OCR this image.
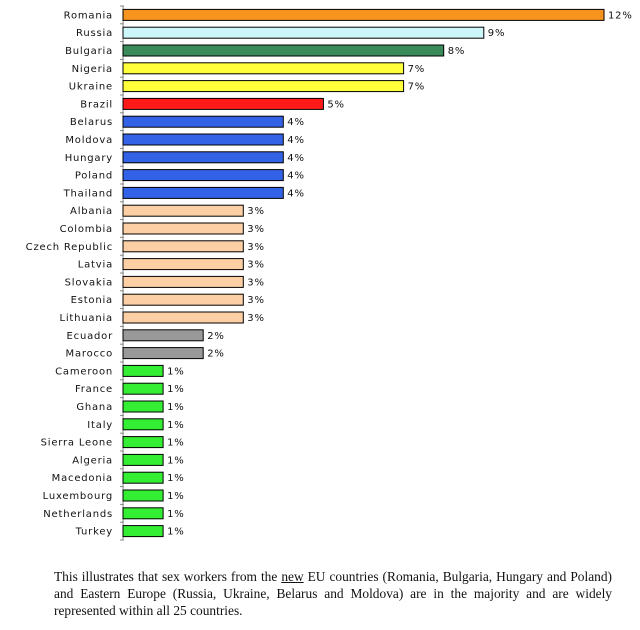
Romania	12%
Russia	9%
Bulgaria	8%
Nigeria	7%
Ukraine	7%
Brazil	5%
Belarus	4%
Moldova	4%
Hungary	4%
Poland	4%
Thailand	4%
Albania	3%
Colombia	3%
Czech Republic	3%
Latvia	3%
Slovakia	3%
Estonia	3%
Lithuania	3%
Ecuador	2%
Marocco	2%
Cameroon	1%
France	1%
Ghana	1%
Italy	1%
Sierra Leone	1%
Algeria	1%
Macedonia	1%
Luxembourg	1%
Netherlands	1%
Turkey	1%

This illustrates that sex workers from the new EU countries (Romania, Bulgaria, Hungary and Poland) and Eastern Europe (Russia, Ukraine, Belarus and Moldova) are in the majority and are widely represented within all 25 countries.
